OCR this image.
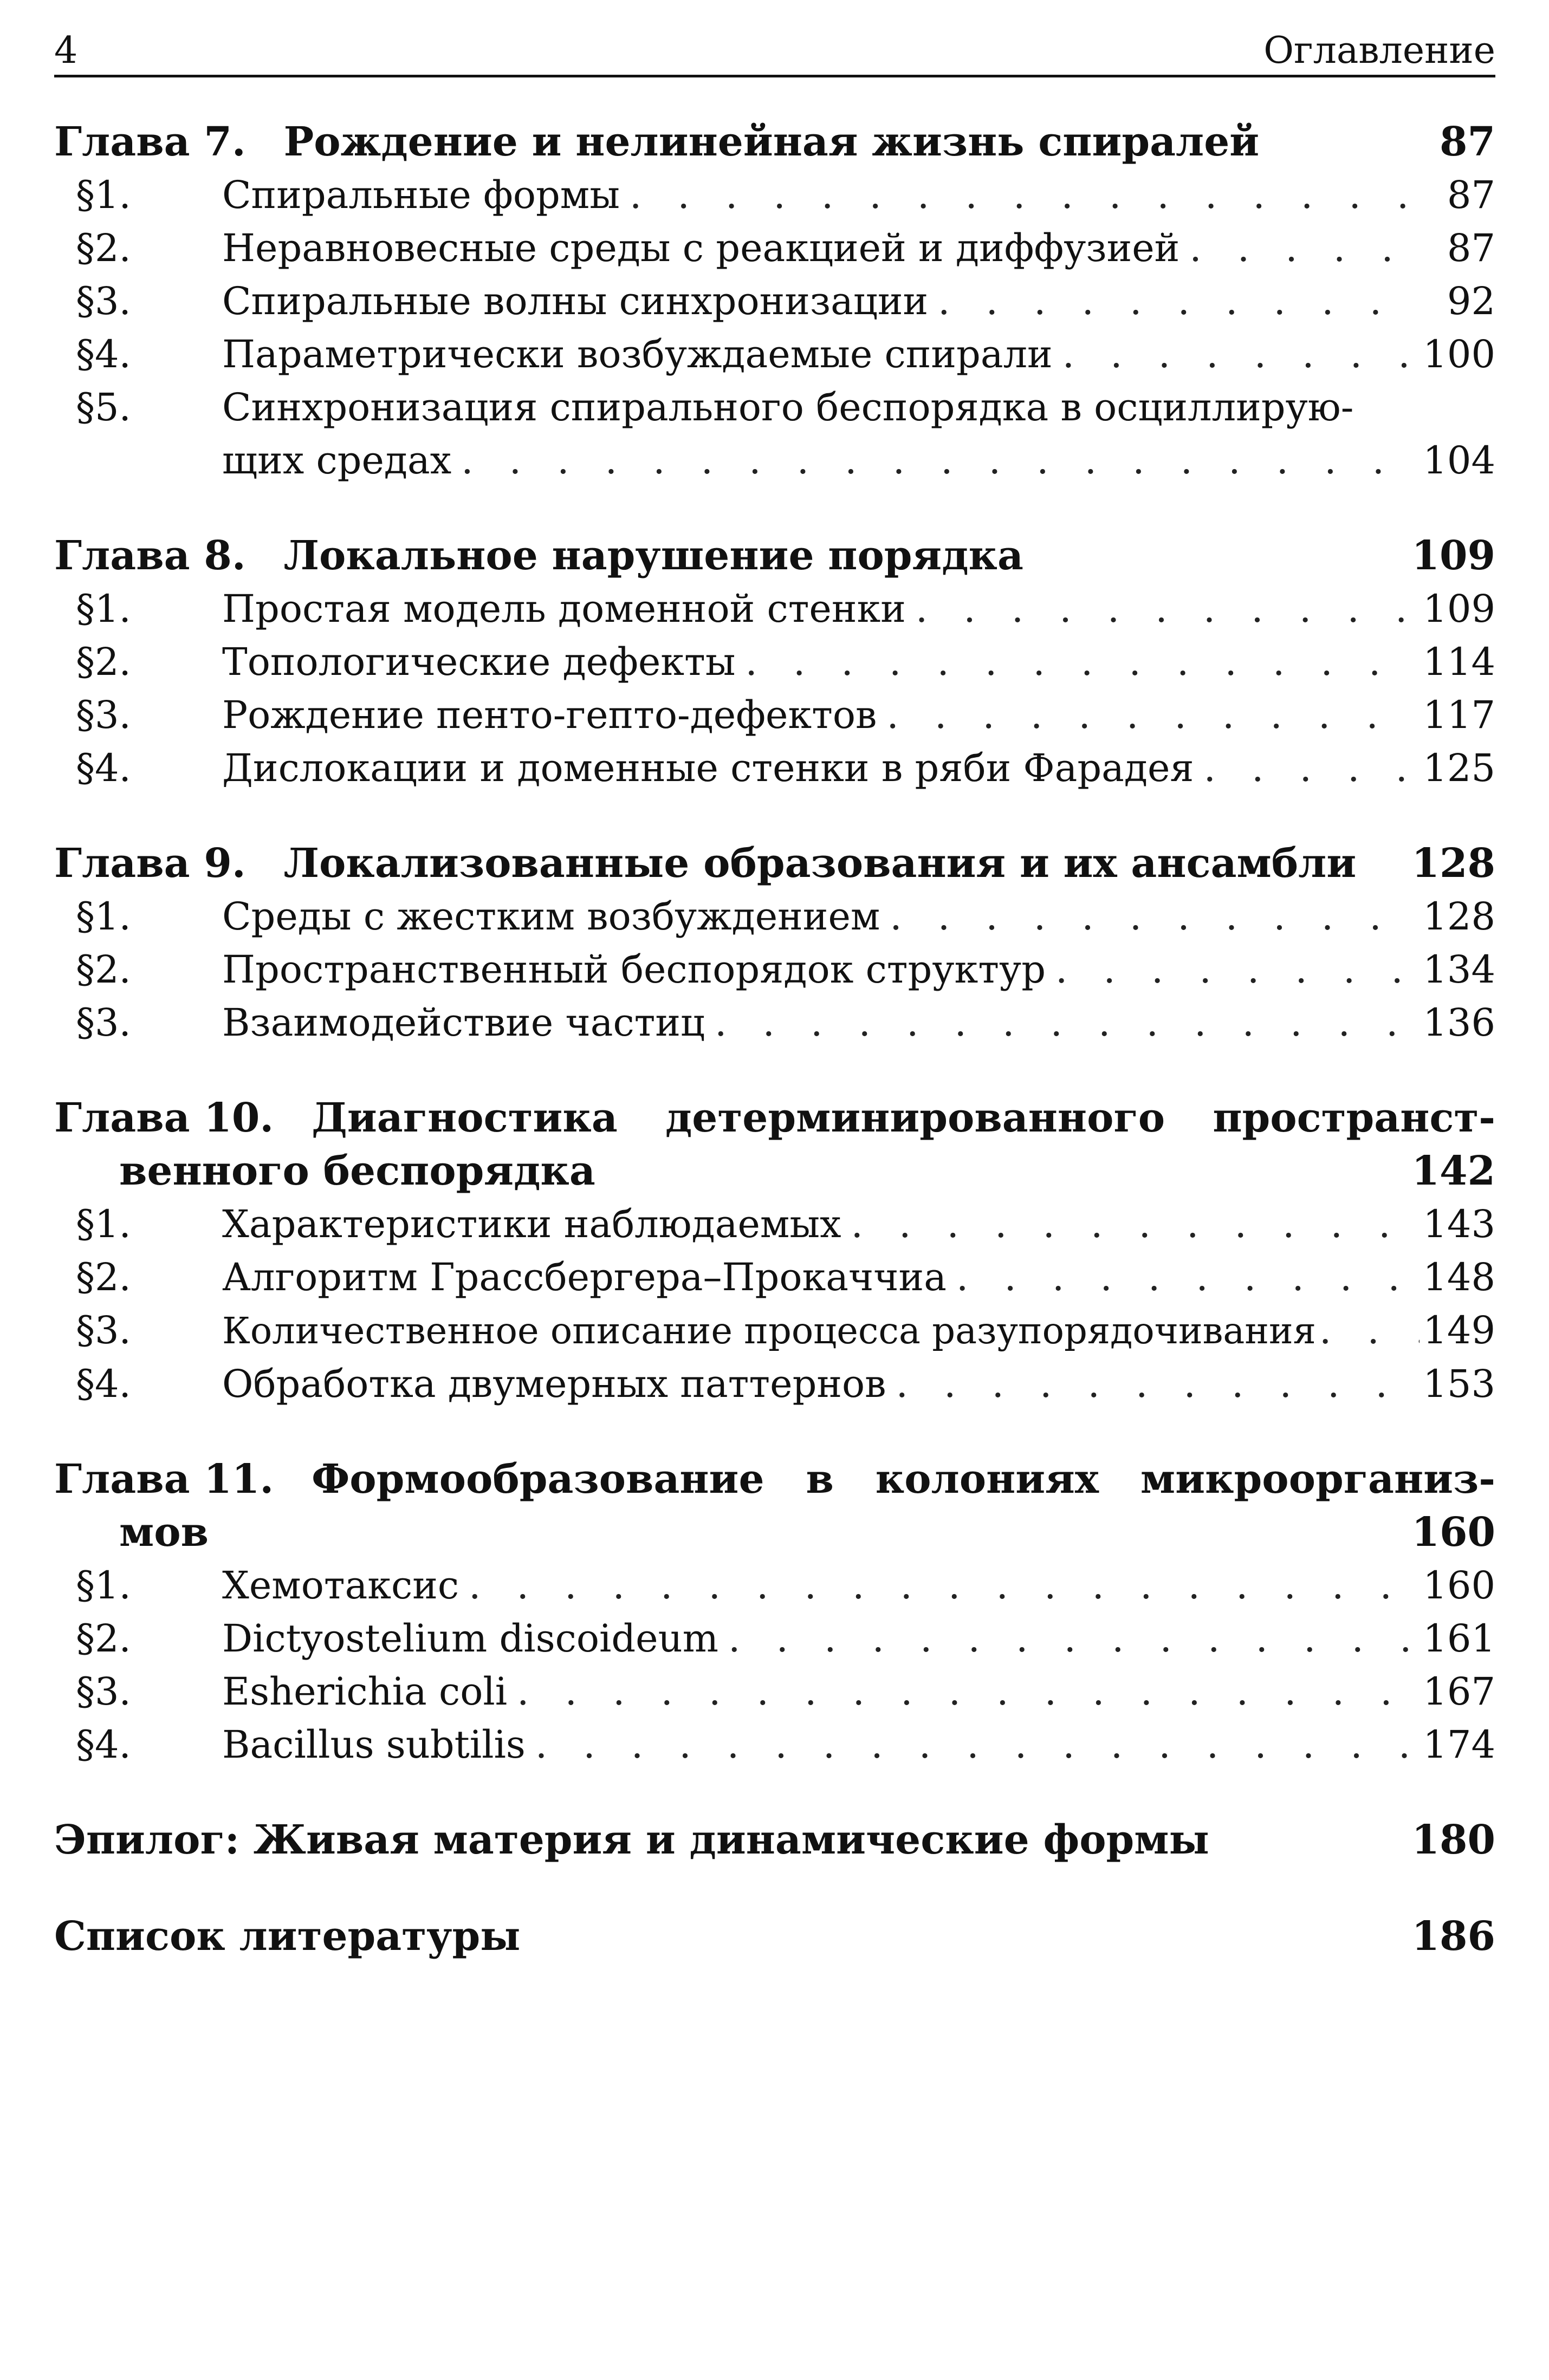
4	Оглавление
Глава 7. Рождение и нелинейная жизнь спиралей	87
§1.	Спиральные формы . . .	87
§2.	Неравновесные среды с реакцией и диффузией . . .	87
§3.	Спиральные волны синхронизации . . .	92
§4.	Параметрически возбуждаемые спирали . . .	100
§5.	Синхронизация спирального беспорядка в осциллирую-
щих средах . . .	104
Глава 8. Локальное нарушение порядка	109
§1.	Простая модель доменной стенки . . .	109
§2.	Топологические дефекты . . .	114
§3.	Рождение пенто-гепто-дефектов . . .	117
§4.	Дислокации и доменные стенки в ряби Фарадея . . .	125
Глава 9. Локализованные образования и их ансамбли	128
§1.	Среды с жестким возбуждением . . .	128
§2.	Пространственный беспорядок структур . . .	134
§3.	Взаимодействие частиц . . .	136
Глава 10. Диагностика детерминированного пространст-
венного беспорядка	142
§1.	Характеристики наблюдаемых . . .	143
§2.	Алгоритм Грассбергера–Прокаччиа . . .	148
§3.	Количественное описание процесса разупорядочивания . . .	149
§4.	Обработка двумерных паттернов . . .	153
Глава 11. Формообразование в колониях микроорганиз-
мов	160
§1.	Хемотаксис . . .	160
§2.	Dictyostelium discoideum . . .	161
§3.	Esherichia coli . . .	167
§4.	Bacillus subtilis . . .	174
Эпилог: Живая материя и динамические формы	180
Список литературы	186
